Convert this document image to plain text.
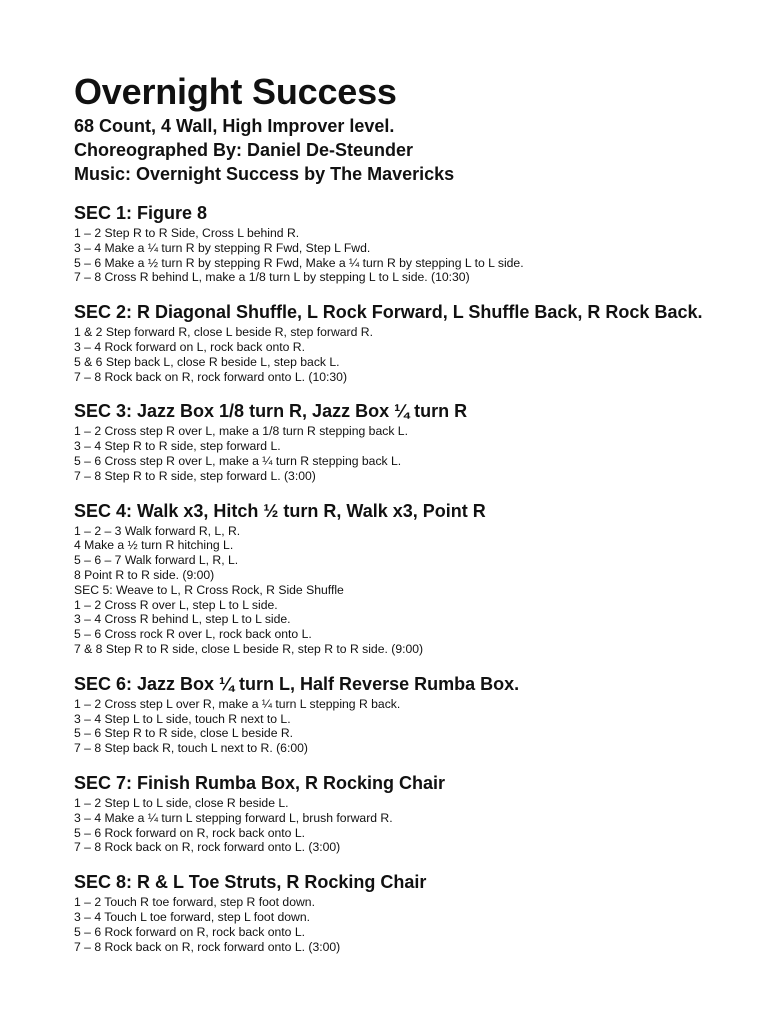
Overnight Success

68 Count, 4 Wall, High Improver level.

Choreographed By: Daniel De-Steunder

Music: Overnight Success by The Mavericks

SEC 1: Figure 8

1 – 2 Step R to R Side, Cross L behind R.

3 – 4 Make a ¼ turn R by stepping R Fwd, Step L Fwd.

5 – 6 Make a ½ turn R by stepping R Fwd, Make a ¼ turn R by stepping L to L side.

7 – 8 Cross R behind L, make a 1/8 turn L by stepping L to L side. (10:30)

SEC 2: R Diagonal Shuffle, L Rock Forward, L Shuffle Back, R Rock Back.

1 & 2 Step forward R, close L beside R, step forward R.

3 – 4 Rock forward on L, rock back onto R.

5 & 6 Step back L, close R beside L, step back L.

7 – 8 Rock back on R, rock forward onto L. (10:30)

SEC 3: Jazz Box 1/8 turn R, Jazz Box ¼ turn R

1 – 2 Cross step R over L, make a 1/8 turn R stepping back L.

3 – 4 Step R to R side, step forward L.

5 – 6 Cross step R over L, make a ¼ turn R stepping back L.

7 – 8 Step R to R side, step forward L. (3:00)

SEC 4: Walk x3, Hitch ½ turn R, Walk x3, Point R

1 – 2 – 3 Walk forward R, L, R.

4 Make a ½ turn R hitching L.

5 – 6 – 7 Walk forward L, R, L.

8 Point R to R side. (9:00)

SEC 5: Weave to L, R Cross Rock, R Side Shuffle

1 – 2 Cross R over L, step L to L side.

3 – 4 Cross R behind L, step L to L side.

5 – 6 Cross rock R over L, rock back onto L.

7 & 8 Step R to R side, close L beside R, step R to R side. (9:00)

SEC 6: Jazz Box ¼ turn L, Half Reverse Rumba Box.

1 – 2 Cross step L over R, make a ¼ turn L stepping R back.

3 – 4 Step L to L side, touch R next to L.

5 – 6 Step R to R side, close L beside R.

7 – 8 Step back R, touch L next to R. (6:00)

SEC 7: Finish Rumba Box, R Rocking Chair

1 – 2 Step L to L side, close R beside L.

3 – 4 Make a ¼ turn L stepping forward L, brush forward R.

5 – 6 Rock forward on R, rock back onto L.

7 – 8 Rock back on R, rock forward onto L. (3:00)

SEC 8: R & L Toe Struts, R Rocking Chair

1 – 2 Touch R toe forward, step R foot down.

3 – 4 Touch L toe forward, step L foot down.

5 – 6 Rock forward on R, rock back onto L.

7 – 8 Rock back on R, rock forward onto L. (3:00)
